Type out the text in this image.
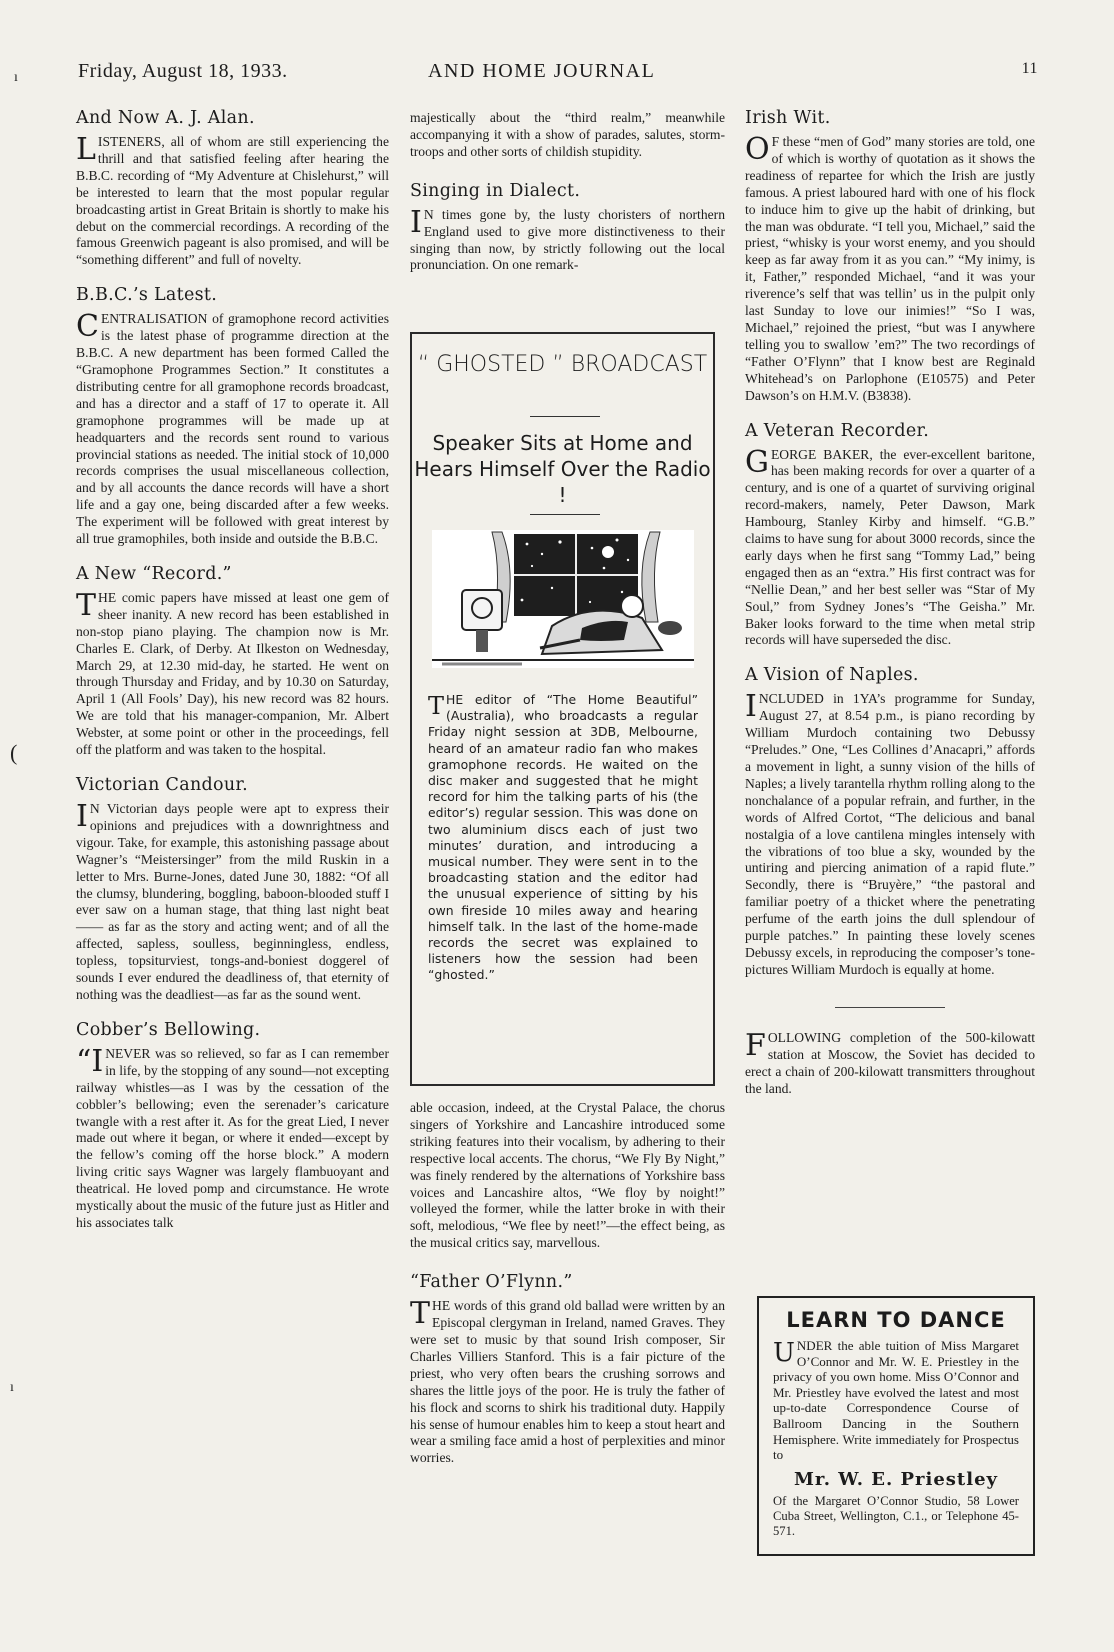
Friday, August 18, 1933.	AND HOME JOURNAL	11
And Now A. J. Alan.

LISTENERS, all of whom are still experiencing the thrill and that satisfied feeling after hearing the B.B.C. recording of “My Adventure at Chislehurst,” will be interested to learn that the most popular regular broadcasting artist in Great Britain is shortly to make his debut on the commercial recordings. A recording of the famous Greenwich pageant is also promised, and will be “something different” and full of novelty.

B.B.C.’s Latest.

CENTRALISATION of gramophone record activities is the latest phase of programme direction at the B.B.C. A new department has been formed Called the “Gramophone Programmes Section.” It constitutes a distributing centre for all gramophone records broadcast, and has a director and a staff of 17 to operate it. All gramophone programmes will be made up at headquarters and the records sent round to various provincial stations as needed. The initial stock of 10,000 records comprises the usual miscellaneous collection, and by all accounts the dance records will have a short life and a gay one, being discarded after a few weeks. The experiment will be followed with great interest by all true gramophiles, both inside and outside the B.B.C.

A New “Record.”

THE comic papers have missed at least one gem of sheer inanity. A new record has been established in non-stop piano playing. The champion now is Mr. Charles E. Clark, of Derby. At Ilkeston on Wednesday, March 29, at 12.30 mid-day, he started. He went on through Thursday and Friday, and by 10.30 on Saturday, April 1 (All Fools’ Day), his new record was 82 hours. We are told that his manager-companion, Mr. Albert Webster, at some point or other in the proceedings, fell off the platform and was taken to the hospital.

Victorian Candour.

I N Victorian days people were apt to express their opinions and prejudices with a downrightness and vigour. Take, for example, this astonishing passage about Wagner’s “Meistersinger” from the mild Ruskin in a letter to Mrs. Burne-Jones, dated June 30, 1882: “Of all the clumsy, blundering, boggling, baboon-blooded stuff I ever saw on a human stage, that thing last night beat —— as far as the story and acting went; and of all the affected, sapless, soulless, beginningless, endless, topless, topsiturviest, tongs-and-boniest doggerel of sounds I ever endured the deadliness of, that eternity of nothing was the deadliest—as far as the sound went.

Cobber’s Bellowing.

“I NEVER was so relieved, so far as I can remember in life, by the stopping of any sound—not excepting railway whistles—as I was by the cessation of the cobbler’s bellowing; even the serenader’s caricature twangle with a rest after it. As for the great Lied, I never made out where it began, or where it ended—except by the fellow’s coming off the horse block.” A modern living critic says Wagner was largely flambuoyant and theatrical. He loved pomp and circumstance. He wrote mystically about the music of the future just as Hitler and his associates talk

majestically about the “third realm,” meanwhile accompanying it with a show of parades, salutes, storm-troops and other sorts of childish stupidity.

Singing in Dialect.

I N times gone by, the lusty choristers of northern England used to give more distinctiveness to their singing than now, by strictly following out the local pronunciation. On one remark-

“ GHOSTED ” BROADCAST
Speaker Sits at Home and Hears Himself Over the Radio !
THE editor of “The Home Beautiful” (Australia), who broadcasts a regular Friday night session at 3DB, Melbourne, heard of an amateur radio fan who makes gramophone records. He waited on the disc maker and suggested that he might record for him the talking parts of his (the editor’s) regular session. This was done on two aluminium discs each of just two minutes’ duration, and introducing a musical number. They were sent in to the broadcasting station and the editor had the unusual experience of sitting by his own fireside 10 miles away and hearing himself talk. In the last of the home-made records the secret was explained to listeners how the session had been “ghosted.”

able occasion, indeed, at the Crystal Palace, the chorus singers of Yorkshire and Lancashire introduced some striking features into their vocalism, by adhering to their respective local accents. The chorus, “We Fly By Night,” was finely rendered by the alternations of Yorkshire bass voices and Lancashire altos, “We floy by noight!” volleyed the former, while the latter broke in with their soft, melodious, “We flee by neet!”—the effect being, as the musical critics say, marvellous.

“Father O’Flynn.”

THE words of this grand old ballad were written by an Episcopal clergyman in Ireland, named Graves. They were set to music by that sound Irish composer, Sir Charles Villiers Stanford. This is a fair picture of the priest, who very often bears the crushing sorrows and shares the little joys of the poor. He is truly the father of his flock and scorns to shirk his traditional duty. Happily his sense of humour enables him to keep a stout heart and wear a smiling face amid a host of perplexities and minor worries.

Irish Wit.

O F these “men of God” many stories are told, one of which is worthy of quotation as it shows the readiness of repartee for which the Irish are justly famous. A priest laboured hard with one of his flock to induce him to give up the habit of drinking, but the man was obdurate. “I tell you, Michael,” said the priest, “whisky is your worst enemy, and you should keep as far away from it as you can.” “My inimy, is it, Father,” responded Michael, “and it was your riverence’s self that was tellin’ us in the pulpit only last Sunday to love our inimies!” “So I was, Michael,” rejoined the priest, “but was I anywhere telling you to swallow ’em?” The two recordings of “Father O’Flynn” that I know best are Reginald Whitehead’s on Parlophone (E10575) and Peter Dawson’s on H.M.V. (B3838).

A Veteran Recorder.

GEORGE BAKER, the ever-excellent baritone, has been making records for over a quarter of a century, and is one of a quartet of surviving original record-makers, namely, Peter Dawson, Mark Hambourg, Stanley Kirby and himself. “G.B.” claims to have sung for about 3000 records, since the early days when he first sang “Tommy Lad,” being engaged then as an “extra.” His first contract was for “Nellie Dean,” and her best seller was “Star of My Soul,” from Sydney Jones’s “The Geisha.” Mr. Baker looks forward to the time when metal strip records will have superseded the disc.

A Vision of Naples.

INCLUDED in 1YA’s programme for Sunday, August 27, at 8.54 p.m., is piano recording by William Murdoch containing two Debussy “Preludes.” One, “Les Collines d’Anacapri,” affords a movement in light, a sunny vision of the hills of Naples; a lively tarantella rhythm rolling along to the nonchalance of a popular refrain, and further, in the words of Alfred Cortot, “The delicious and banal nostalgia of a love cantilena mingles intensely with the vibrations of too blue a sky, wounded by the untiring and piercing animation of a rapid flute.” Secondly, there is “Bruyère,” “the pastoral and familiar poetry of a thicket where the penetrating perfume of the earth joins the dull splendour of purple patches.” In painting these lovely scenes Debussy excels, in reproducing the composer’s tone-pictures William Murdoch is equally at home.

FOLLOWING completion of the 500-kilowatt station at Moscow, the Soviet has decided to erect a chain of 200-kilowatt transmitters throughout the land.

LEARN TO DANCE

UNDER the able tuition of Miss Margaret O’Connor and Mr. W. E. Priestley in the privacy of you own home. Miss O’Connor and Mr. Priestley have evolved the latest and most up-to-date Correspondence Course of Ballroom Dancing in the Southern Hemisphere. Write immediately for Prospectus to

Mr. W. E. Priestley

Of the Margaret O’Connor Studio, 58 Lower Cuba Street, Wellington, C.1., or Telephone 45-571.

ı
(
ı
